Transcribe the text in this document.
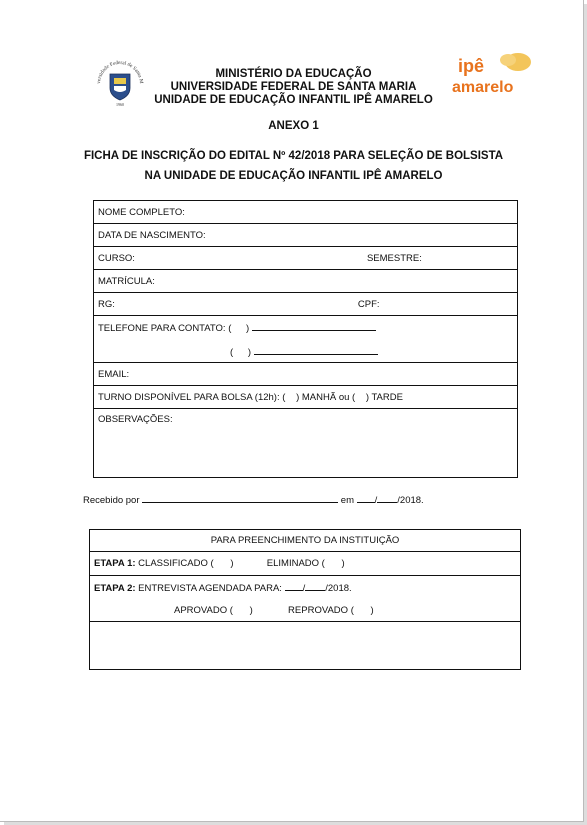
versidade Federal de Santa M
1960
MINISTÉRIO DA EDUCAÇÃO
UNIVERSIDADE FEDERAL DE SANTA MARIA
UNIDADE DE EDUCAÇÃO INFANTIL IPÊ AMARELO
ipê
amarelo
ANEXO 1
FICHA DE INSCRIÇÃO DO EDITAL Nº 42/2018 PARA SELEÇÃO DE BOLSISTA
NA UNIDADE DE EDUCAÇÃO INFANTIL IPÊ AMARELO
NOME COMPLETO:
DATA DE NASCIMENTO:

CURSO:	SEMESTRE:

MATRÍCULA:

RG:	CPF:

TELEFONE PARA CONTATO: ( )
( )

EMAIL:
TURNO DISPONÍVEL PARA BOLSA (12h): ( ) MANHÃ ou ( ) TARDE
OBSERVAÇÕES:
Recebido por	em / /2018.
PARA PREENCHIMENTO DA INSTITUIÇÃO
ETAPA 1: CLASSIFICADO ( )	ELIMINADO ( )

ETAPA 2: ENTREVISTA AGENDADA PARA: / /2018.
APROVADO ( )	REPROVADO ( )
